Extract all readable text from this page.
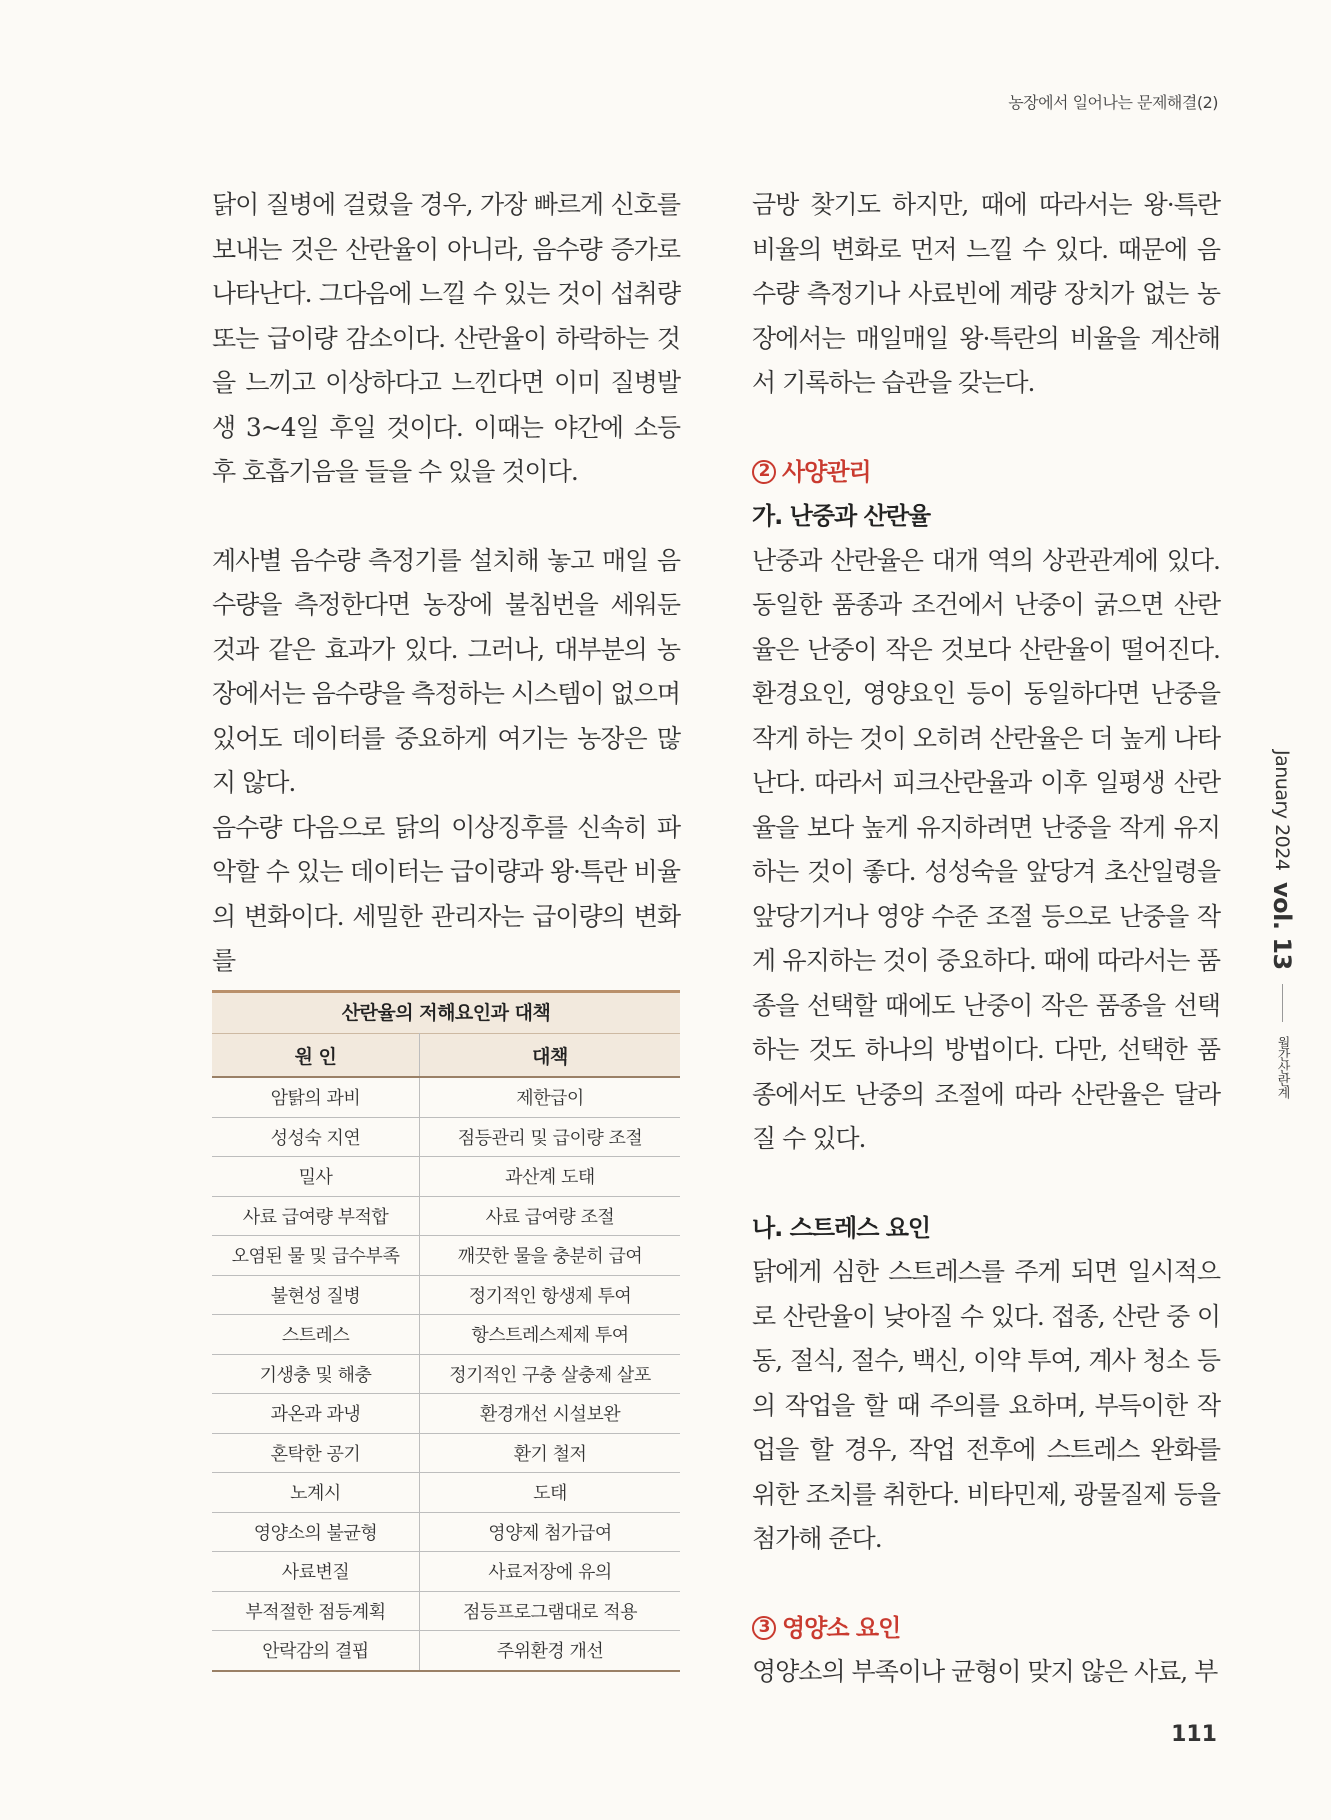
농장에서 일어나는 문제해결(2)

닭이 질병에 걸렸을 경우, 가장 빠르게 신호를 보내는 것은 산란율이 아니라, 음수량 증가로 나타난다. 그다음에 느낄 수 있는 것이 섭취량 또는 급이량 감소이다. 산란율이 하락하는 것을 느끼고 이상하다고 느낀다면 이미 질병발생 3~4일 후일 것이다. 이때는 야간에 소등 후 호흡기음을 들을 수 있을 것이다.

계사별 음수량 측정기를 설치해 놓고 매일 음수량을 측정한다면 농장에 불침번을 세워둔 것과 같은 효과가 있다. 그러나, 대부분의 농장에서는 음수량을 측정하는 시스템이 없으며 있어도 데이터를 중요하게 여기는 농장은 많지 않다.

음수량 다음으로 닭의 이상징후를 신속히 파악할 수 있는 데이터는 급이량과 왕·특란 비율의 변화이다. 세밀한 관리자는 급이량의 변화를

산란율의 저해요인과 대책
원 인	대책
암탉의 과비	제한급이
성성숙 지연	점등관리 및 급이량 조절
밀사	과산계 도태
사료 급여량 부적합	사료 급여량 조절
오염된 물 및 급수부족	깨끗한 물을 충분히 급여
불현성 질병	정기적인 항생제 투여
스트레스	항스트레스제제 투여
기생충 및 해충	정기적인 구충 살충제 살포
과온과 과냉	환경개선 시설보완
혼탁한 공기	환기 철저
노계시	도태
영양소의 불균형	영양제 첨가급여
사료변질	사료저장에 유의
부적절한 점등계획	점등프로그램대로 적용
안락감의 결핍	주위환경 개선

금방 찾기도 하지만, 때에 따라서는 왕·특란 비율의 변화로 먼저 느낄 수 있다. 때문에 음수량 측정기나 사료빈에 계량 장치가 없는 농장에서는 매일매일 왕·특란의 비율을 계산해서 기록하는 습관을 갖는다.

2 사양관리
가. 난중과 산란율

난중과 산란율은 대개 역의 상관관계에 있다. 동일한 품종과 조건에서 난중이 굵으면 산란율은 난중이 작은 것보다 산란율이 떨어진다. 환경요인, 영양요인 등이 동일하다면 난중을 작게 하는 것이 오히려 산란율은 더 높게 나타난다. 따라서 피크산란율과 이후 일평생 산란율을 보다 높게 유지하려면 난중을 작게 유지하는 것이 좋다. 성성숙을 앞당겨 초산일령을 앞당기거나 영양 수준 조절 등으로 난중을 작게 유지하는 것이 중요하다. 때에 따라서는 품종을 선택할 때에도 난중이 작은 품종을 선택하는 것도 하나의 방법이다. 다만, 선택한 품종에서도 난중의 조절에 따라 산란율은 달라질 수 있다.

나. 스트레스 요인

닭에게 심한 스트레스를 주게 되면 일시적으로 산란율이 낮아질 수 있다. 접종, 산란 중 이동, 절식, 절수, 백신, 이약 투여, 계사 청소 등의 작업을 할 때 주의를 요하며, 부득이한 작업을 할 경우, 작업 전후에 스트레스 완화를 위한 조치를 취한다. 비타민제, 광물질제 등을 첨가해 준다.

3 영양소 요인

영양소의 부족이나 균형이 맞지 않은 사료, 부

January 2024
vol. 13
월간산란계
111
